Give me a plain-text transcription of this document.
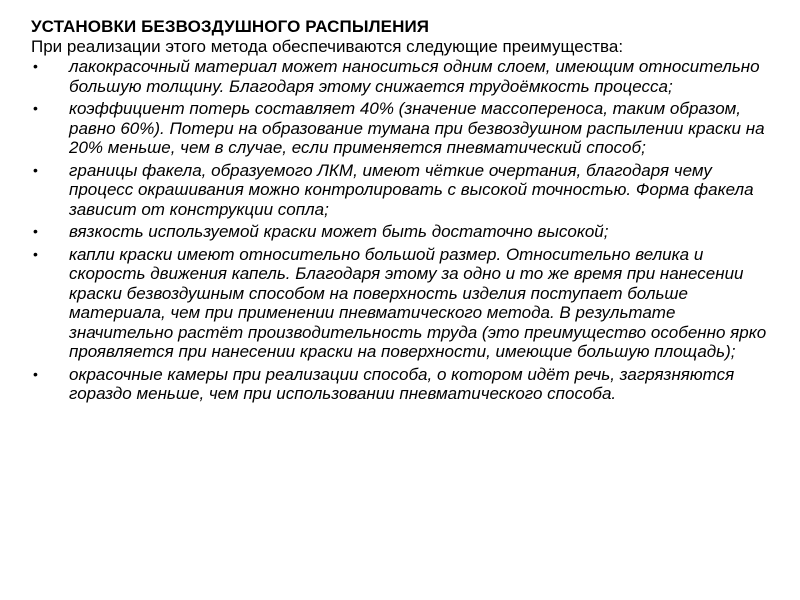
УСТАНОВКИ БЕЗВОЗДУШНОГО РАСПЫЛЕНИЯ

При реализации этого метода обеспечиваются следующие преимущества:

• лакокрасочный материал может наноситься одним слоем, имеющим относительно большую толщину. Благодаря этому снижается трудоёмкость процесса;
• коэффициент потерь составляет 40% (значение массопереноса, таким образом, равно 60%). Потери на образование тумана при безвоздушном распылении краски на 20% меньше, чем в случае, если применяется пневматический способ;
• границы факела, образуемого ЛКМ, имеют чёткие очертания, благодаря чему процесс окрашивания можно контролировать с высокой точностью. Форма факела зависит от конструкции сопла;
• вязкость используемой краски может быть достаточно высокой;
• капли краски имеют относительно большой размер. Относительно велика и скорость движения капель. Благодаря этому за одно и то же время при нанесении краски безвоздушным способом на поверхность изделия поступает больше материала, чем при применении пневматического метода. В результате значительно растёт производительность труда (это преимущество особенно ярко проявляется при нанесении краски на поверхности, имеющие большую площадь);
• окрасочные камеры при реализации способа, о котором идёт речь, загрязняются гораздо меньше, чем при использовании пневматического способа.
